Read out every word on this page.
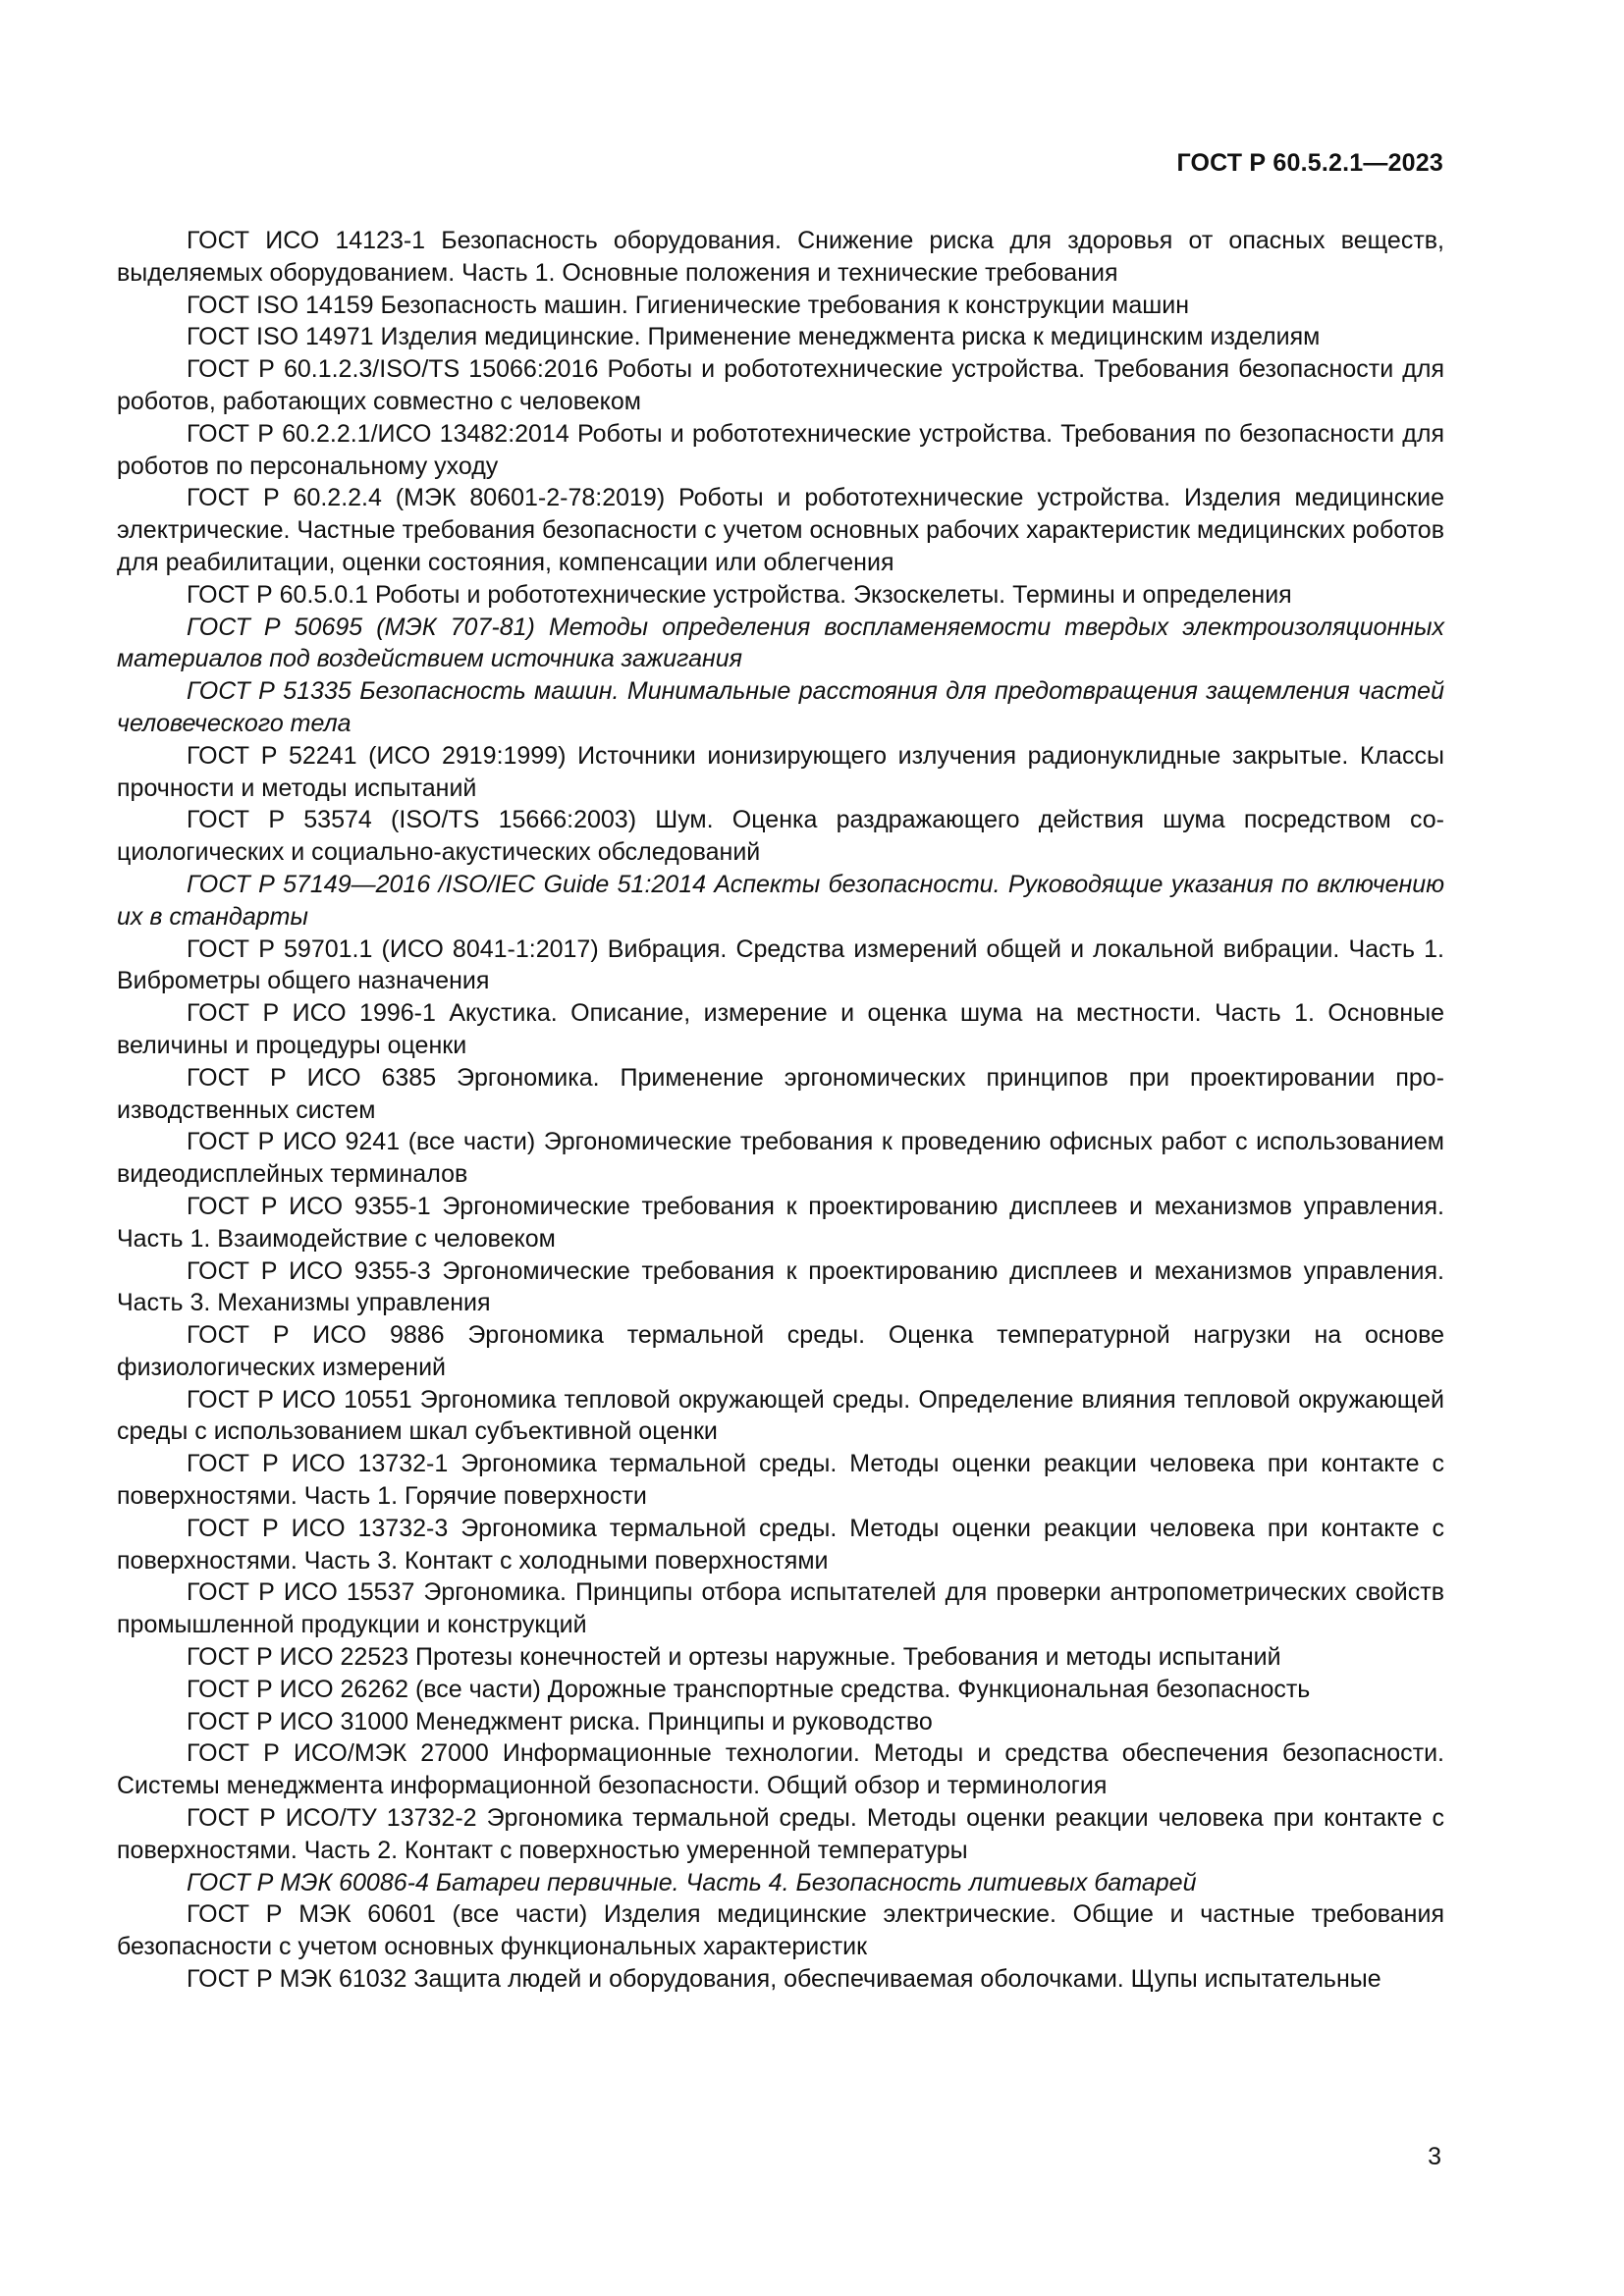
ГОСТ Р 60.5.2.1—2023

ГОСТ ИСО 14123-1 Безопасность оборудования. Снижение риска для здоровья от опасных веществ, выделяемых оборудованием. Часть 1. Основные положения и технические требования

ГОСТ ISO 14159 Безопасность машин. Гигиенические требования к конструкции машин

ГОСТ ISO 14971 Изделия медицинские. Применение менеджмента риска к медицинским изделиям

ГОСТ Р 60.1.2.3/ISO/TS 15066:2016 Роботы и робототехнические устройства. Требования безопасности для роботов, работающих совместно с человеком

ГОСТ Р 60.2.2.1/ИСО 13482:2014 Роботы и робототехнические устройства. Требования по безопасности для роботов по персональному уходу

ГОСТ Р 60.2.2.4 (МЭК 80601-2-78:2019) Роботы и робототехнические устройства. Изделия медицинские электрические. Частные требования безопасности с учетом основных рабочих характеристик медицинских роботов для реабилитации, оценки состояния, компенсации или облегчения

ГОСТ Р 60.5.0.1 Роботы и робототехнические устройства. Экзоскелеты. Термины и определения

ГОСТ Р 50695 (МЭК 707-81) Методы определения воспламеняемости твердых электроизоляционных материалов под воздействием источника зажигания

ГОСТ Р 51335 Безопасность машин. Минимальные расстояния для предотвращения защемления частей человеческого тела

ГОСТ Р 52241 (ИСО 2919:1999) Источники ионизирующего излучения радионуклидные закрытые. Классы прочности и методы испытаний

ГОСТ Р 53574 (ISO/TS 15666:2003) Шум. Оценка раздражающего действия шума посредством социологических и социально-акустических обследований

ГОСТ Р 57149—2016 /ISO/IEC Guide 51:2014 Аспекты безопасности. Руководящие указания по включению их в стандарты

ГОСТ Р 59701.1 (ИСО 8041-1:2017) Вибрация. Средства измерений общей и локальной вибрации. Часть 1. Виброметры общего назначения

ГОСТ Р ИСО 1996-1 Акустика. Описание, измерение и оценка шума на местности. Часть 1. Основные величины и процедуры оценки

ГОСТ Р ИСО 6385 Эргономика. Применение эргономических принципов при проектировании производственных систем

ГОСТ Р ИСО 9241 (все части) Эргономические требования к проведению офисных работ с использованием видеодисплейных терминалов

ГОСТ Р ИСО 9355-1 Эргономические требования к проектированию дисплеев и механизмов управления. Часть 1. Взаимодействие с человеком

ГОСТ Р ИСО 9355-3 Эргономические требования к проектированию дисплеев и механизмов управления. Часть 3. Механизмы управления

ГОСТ Р ИСО 9886 Эргономика термальной среды. Оценка температурной нагрузки на основе физиологических измерений

ГОСТ Р ИСО 10551 Эргономика тепловой окружающей среды. Определение влияния тепловой окружающей среды с использованием шкал субъективной оценки

ГОСТ Р ИСО 13732-1 Эргономика термальной среды. Методы оценки реакции человека при контакте с поверхностями. Часть 1. Горячие поверхности

ГОСТ Р ИСО 13732-3 Эргономика термальной среды. Методы оценки реакции человека при контакте с поверхностями. Часть 3. Контакт с холодными поверхностями

ГОСТ Р ИСО 15537 Эргономика. Принципы отбора испытателей для проверки антропометрических свойств промышленной продукции и конструкций

ГОСТ Р ИСО 22523 Протезы конечностей и ортезы наружные. Требования и методы испытаний

ГОСТ Р ИСО 26262 (все части) Дорожные транспортные средства. Функциональная безопасность

ГОСТ Р ИСО 31000 Менеджмент риска. Принципы и руководство

ГОСТ Р ИСО/МЭК 27000 Информационные технологии. Методы и средства обеспечения безопасности. Системы менеджмента информационной безопасности. Общий обзор и терминология

ГОСТ Р ИСО/ТУ 13732-2 Эргономика термальной среды. Методы оценки реакции человека при контакте с поверхностями. Часть 2. Контакт с поверхностью умеренной температуры

ГОСТ Р МЭК 60086-4 Батареи первичные. Часть 4. Безопасность литиевых батарей

ГОСТ Р МЭК 60601 (все части) Изделия медицинские электрические. Общие и частные требования безопасности с учетом основных функциональных характеристик

ГОСТ Р МЭК 61032 Защита людей и оборудования, обеспечиваемая оболочками. Щупы испытательные

3
